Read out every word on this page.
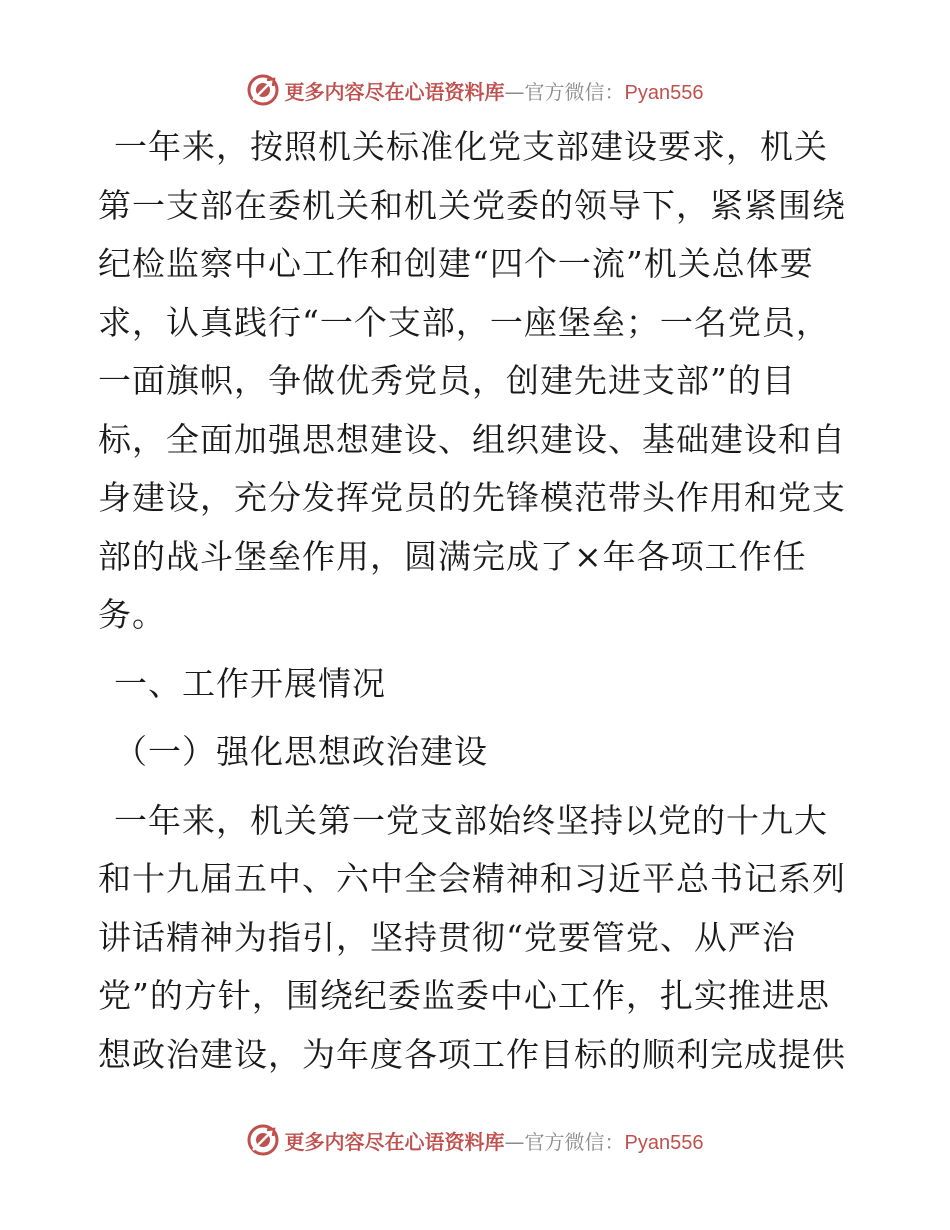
更多内容尽在心语资料库—官方微信：Pyan556

一年来，按照机关标准化党支部建设要求，机关第一支部在委机关和机关党委的领导下，紧紧围绕纪检监察中心工作和创建“四个一流”机关总体要求，认真践行“一个支部，一座堡垒；一名党员，一面旗帜，争做优秀党员，创建先进支部”的目标，全面加强思想建设、组织建设、基础建设和自身建设，充分发挥党员的先锋模范带头作用和党支部的战斗堡垒作用，圆满完成了×年各项工作任务。

一、工作开展情况

（一）强化思想政治建设

一年来，机关第一党支部始终坚持以党的十九大和十九届五中、六中全会精神和习近平总书记系列讲话精神为指引，坚持贯彻“党要管党、从严治党”的方针，围绕纪委监委中心工作，扎实推进思想政治建设，为年度各项工作目标的顺利完成提供

更多内容尽在心语资料库—官方微信：Pyan556
